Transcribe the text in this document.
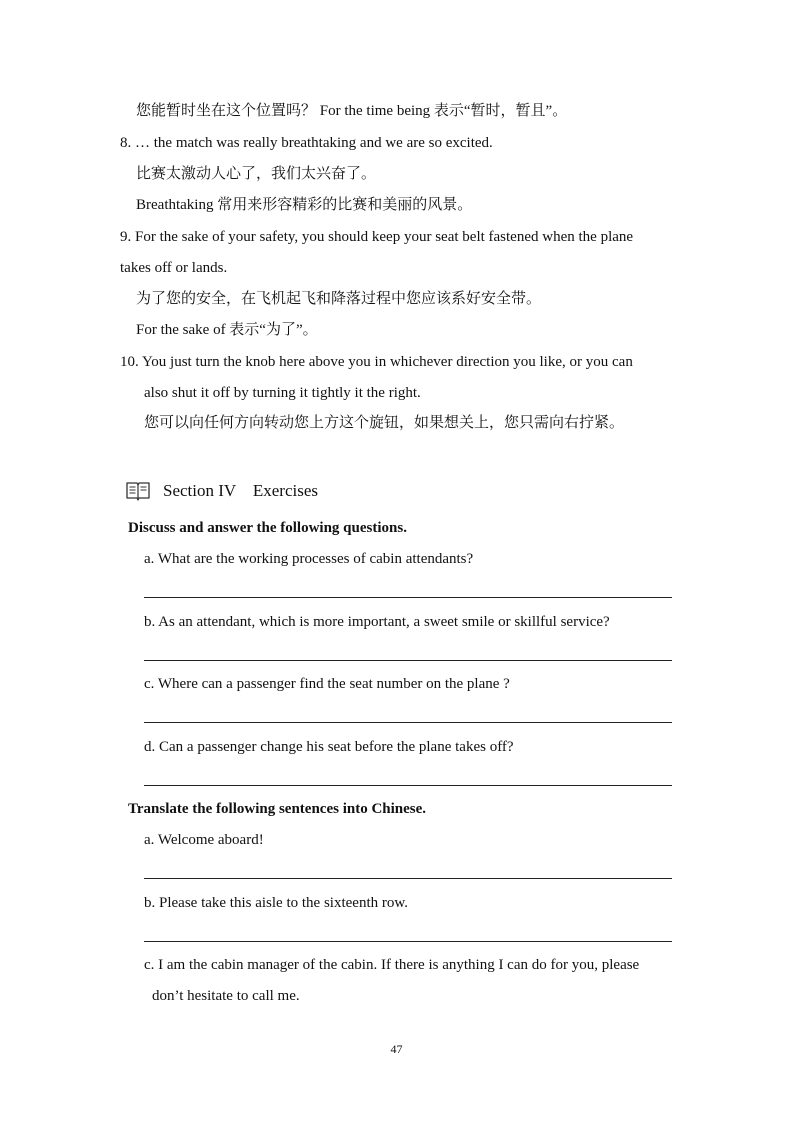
您能暂时坐在这个位置吗？ For the time being 表示“暂时，暂且”。
8. … the match was really breathtaking and we are so excited.
比赛太激动人心了，我们太兴奋了。
Breathtaking 常用来形容精彩的比赛和美丽的风景。
9. For the sake of your safety, you should keep your seat belt fastened when the plane
takes off or lands.
为了您的安全，在飞机起飞和降落过程中您应该系好安全带。
For the sake of 表示“为了”。
10. You just turn the knob here above you in whichever direction you like, or you can
also shut it off by turning it tightly it the right.
您可以向任何方向转动您上方这个旋钮，如果想关上，您只需向右拧紧。
Section IV    Exercises
Discuss and answer the following questions.
a. What are the working processes of cabin attendants?
b. As an attendant, which is more important, a sweet smile or skillful service?
c. Where can a passenger find the seat number on the plane ?
d. Can a passenger change his seat before the plane takes off?
Translate the following sentences into Chinese.
a. Welcome aboard!
b. Please take this aisle to the sixteenth row.
c. I am the cabin manager of the cabin. If there is anything I can do for you, please
don’t hesitate to call me.
47
